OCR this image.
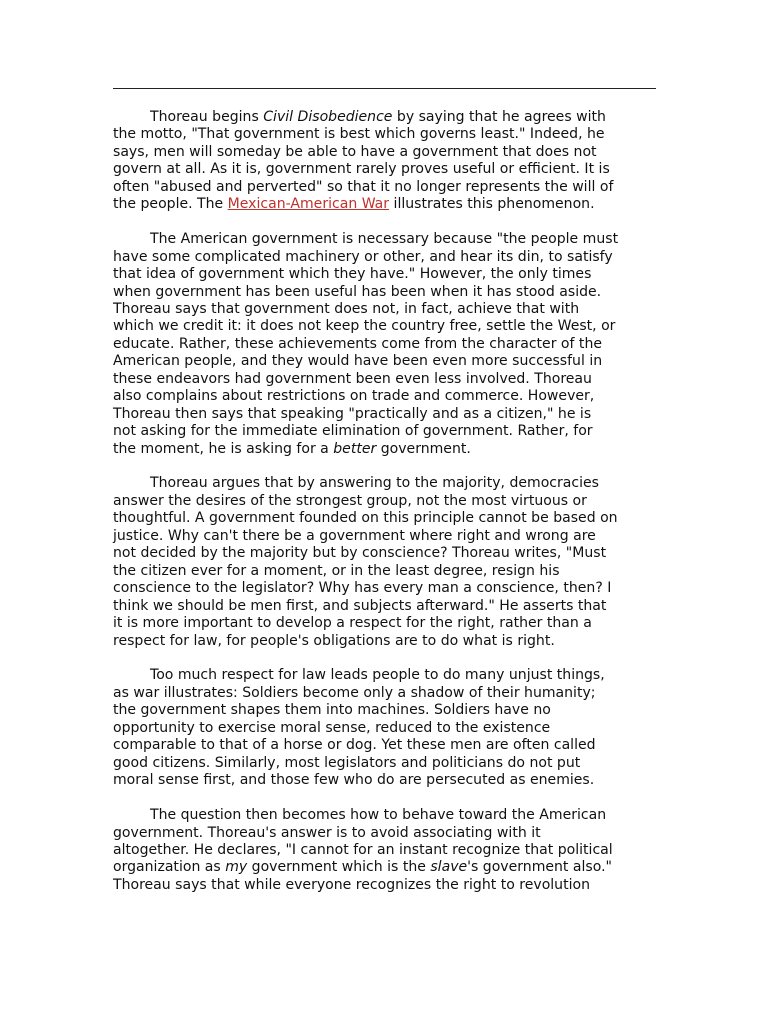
Thoreau begins Civil Disobedience by saying that he agrees with
the motto, "That government is best which governs least." Indeed, he
says, men will someday be able to have a government that does not
govern at all. As it is, government rarely proves useful or efficient. It is
often "abused and perverted" so that it no longer represents the will of
the people. The Mexican-American War illustrates this phenomenon.
The American government is necessary because "the people must
have some complicated machinery or other, and hear its din, to satisfy
that idea of government which they have." However, the only times
when government has been useful has been when it has stood aside.
Thoreau says that government does not, in fact, achieve that with
which we credit it: it does not keep the country free, settle the West, or
educate. Rather, these achievements come from the character of the
American people, and they would have been even more successful in
these endeavors had government been even less involved. Thoreau
also complains about restrictions on trade and commerce. However,
Thoreau then says that speaking "practically and as a citizen," he is
not asking for the immediate elimination of government. Rather, for
the moment, he is asking for a better government.
Thoreau argues that by answering to the majority, democracies
answer the desires of the strongest group, not the most virtuous or
thoughtful. A government founded on this principle cannot be based on
justice. Why can't there be a government where right and wrong are
not decided by the majority but by conscience? Thoreau writes, "Must
the citizen ever for a moment, or in the least degree, resign his
conscience to the legislator? Why has every man a conscience, then? I
think we should be men first, and subjects afterward." He asserts that
it is more important to develop a respect for the right, rather than a
respect for law, for people's obligations are to do what is right.
Too much respect for law leads people to do many unjust things,
as war illustrates: Soldiers become only a shadow of their humanity;
the government shapes them into machines. Soldiers have no
opportunity to exercise moral sense, reduced to the existence
comparable to that of a horse or dog. Yet these men are often called
good citizens. Similarly, most legislators and politicians do not put
moral sense first, and those few who do are persecuted as enemies.
The question then becomes how to behave toward the American
government. Thoreau's answer is to avoid associating with it
altogether. He declares, "I cannot for an instant recognize that political
organization as my government which is the slave's government also."
Thoreau says that while everyone recognizes the right to revolution
